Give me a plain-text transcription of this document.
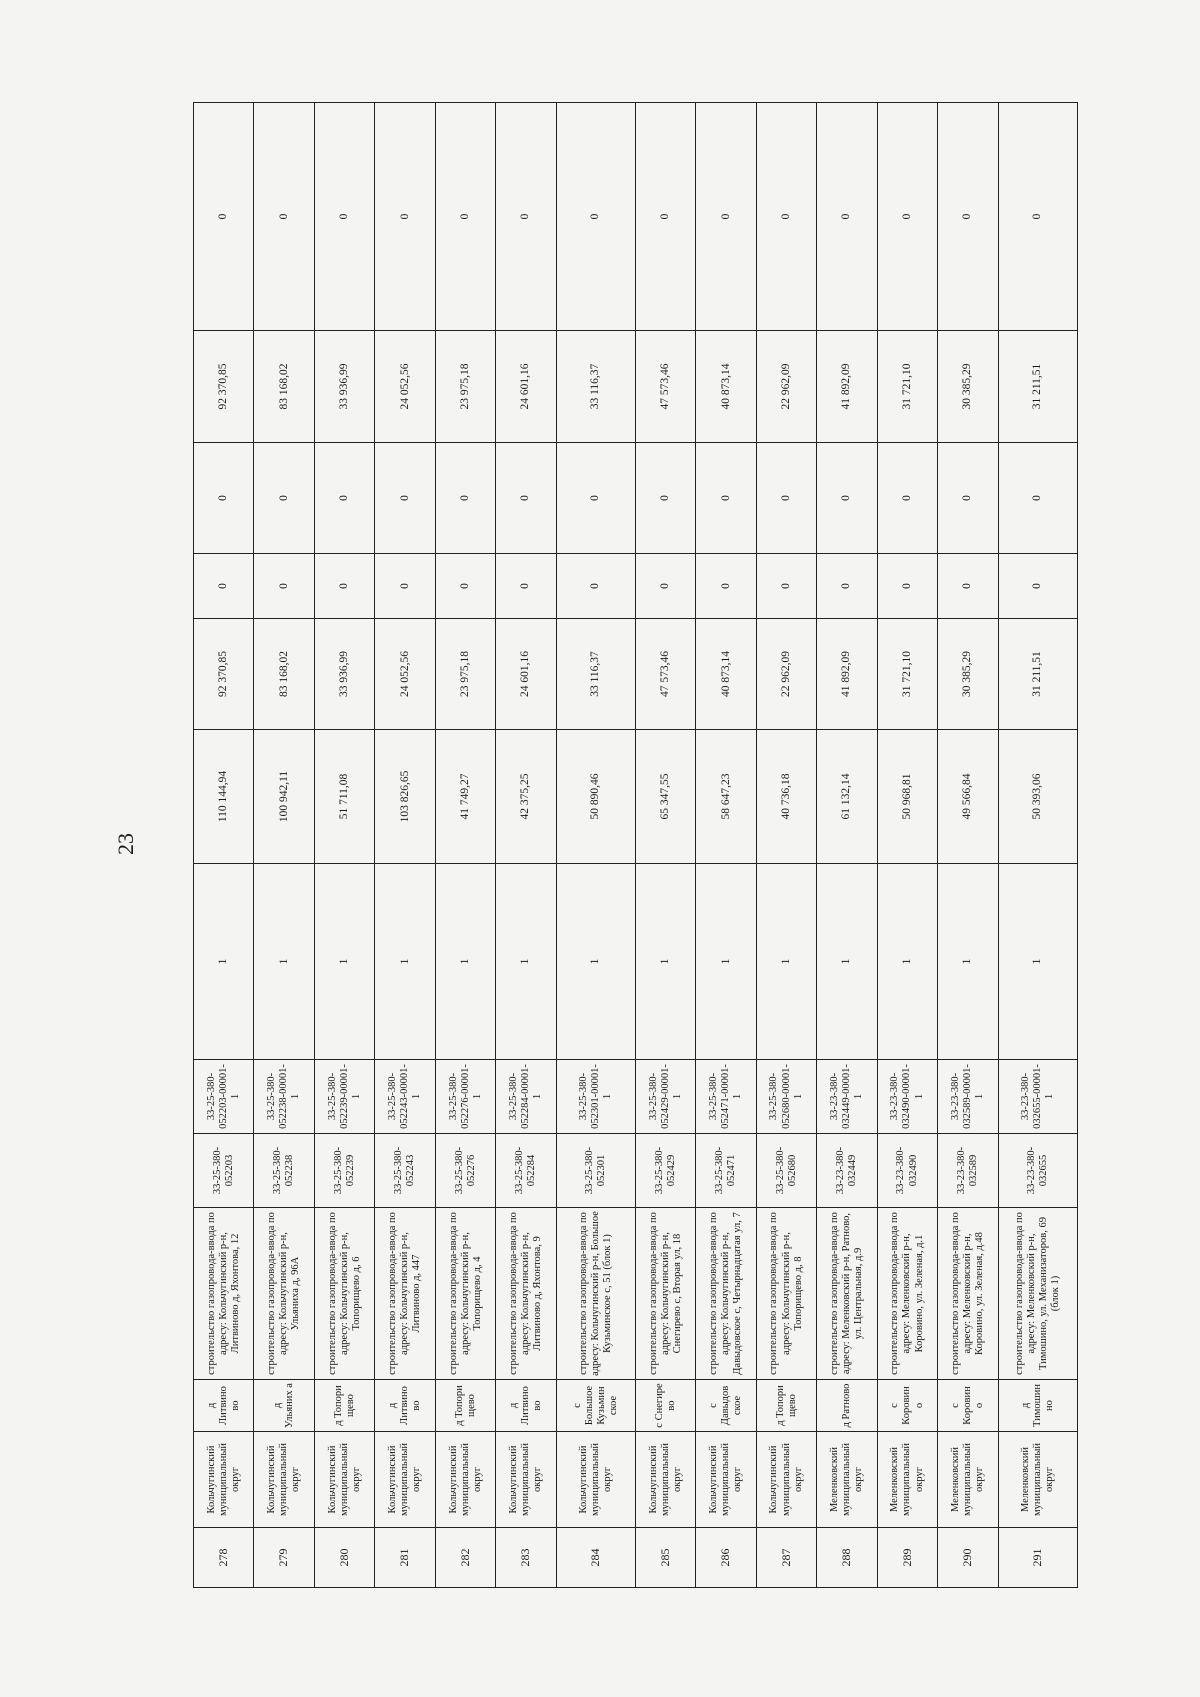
23
278	Кольчугинский муниципальный округ	д Литвино во	строительство газопровода-ввода по адресу: Кольчугинский р-н, Литвиново д, Яхонтова, 12	33-25-380-052203	33-25-380-052203-00001-1	1	110 144,94	92 370,85	0	0	92 370,85	0
279	Кольчугинский муниципальный округ	д Ульяних а	строительство газопровода-ввода по адресу: Кольчугинский р-н, Ульяниха д, 96А	33-25-380-052238	33-25-380-052238-00001-1	1	100 942,11	83 168,02	0	0	83 168,02	0
280	Кольчугинский муниципальный округ	д Топори щево	строительство газопровода-ввода по адресу: Кольчугинский р-н, Топорищево д, 6	33-25-380-052239	33-25-380-052239-00001-1	1	51 711,08	33 936,99	0	0	33 936,99	0
281	Кольчугинский муниципальный округ	д Литвино во	строительство газопровода-ввода по адресу: Кольчугинский р-н, Литвиново д, 447	33-25-380-052243	33-25-380-052243-00001-1	1	103 826,65	24 052,56	0	0	24 052,56	0
282	Кольчугинский муниципальный округ	д Топори щево	строительство газопровода-ввода по адресу: Кольчугинский р-н, Топорищево д, 4	33-25-380-052276	33-25-380-052276-00001-1	1	41 749,27	23 975,18	0	0	23 975,18	0
283	Кольчугинский муниципальный округ	д Литвино во	строительство газопровода-ввода по адресу: Кольчугинский р-н, Литвиново д, Яхонтова, 9	33-25-380-052284	33-25-380-052284-00001-1	1	42 375,25	24 601,16	0	0	24 601,16	0
284	Кольчугинский муниципальный округ	с Большое Кузьмин ское	строительство газопровода-ввода по адресу: Кольчугинский р-н, Большое Кузьминское с, 51 (блок 1)	33-25-380-052301	33-25-380-052301-00001-1	1	50 890,46	33 116,37	0	0	33 116,37	0
285	Кольчугинский муниципальный округ	с Снегире во	строительство газопровода-ввода по адресу: Кольчугинский р-н, Снегирево с, Вторая ул, 18	33-25-380-052429	33-25-380-052429-00001-1	1	65 347,55	47 573,46	0	0	47 573,46	0
286	Кольчугинский муниципальный округ	с Давыдов ское	строительство газопровода-ввода по адресу: Кольчугинский р-н, Давыдовское с, Четырнадцатая ул, 7	33-25-380-052471	33-25-380-052471-00001-1	1	58 647,23	40 873,14	0	0	40 873,14	0
287	Кольчугинский муниципальный округ	д Топори щево	строительство газопровода-ввода по адресу: Кольчугинский р-н, Топорищево д, 8	33-25-380-052680	33-25-380-052680-00001-1	1	40 736,18	22 962,09	0	0	22 962,09	0
288	Меленковский муниципальный округ	д Ратново	строительство газопровода-ввода по адресу: Меленковский р-н, Ратново, ул. Центральная, д.9	33-23-380-032449	33-23-380-032449-00001-1	1	61 132,14	41 892,09	0	0	41 892,09	0
289	Меленковский муниципальный округ	с Коровин о	строительство газопровода-ввода по адресу: Меленковский р-н, Коровино, ул. Зеленая, д.1	33-23-380-032490	33-23-380-032490-00001-1	1	50 968,81	31 721,10	0	0	31 721,10	0
290	Меленковский муниципальный округ	с Коровин о	строительство газопровода-ввода по адресу: Меленковский р-н, Коровино, ул. Зеленая, д.48	33-23-380-032589	33-23-380-032589-00001-1	1	49 566,84	30 385,29	0	0	30 385,29	0
291	Меленковский муниципальный округ	д Тимошин но	строительство газопровода-ввода по адресу: Меленковский р-н, Тимошино, ул. Механизаторов, 69 (блок 1)	33-23-380-032655	33-23-380-032655-00001-1	1	50 393,06	31 211,51	0	0	31 211,51	0
